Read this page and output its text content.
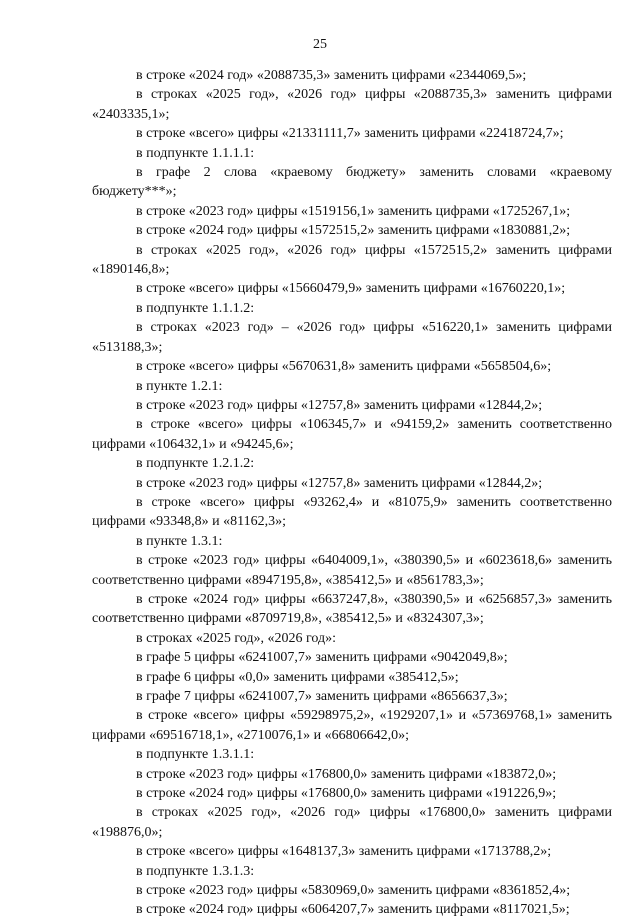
25

в строке «2024 год» «2088735,3» заменить цифрами «2344069,5»;

в строках «2025 год», «2026 год» цифры «2088735,3» заменить цифрами «2403335,1»;

в строке «всего» цифры «21331111,7» заменить цифрами «22418724,7»;

в подпункте 1.1.1.1:

в графе 2 слова «краевому бюджету» заменить словами «краевому бюджету***»;

в строке «2023 год» цифры «1519156,1» заменить цифрами «1725267,1»;

в строке «2024 год» цифры «1572515,2» заменить цифрами «1830881,2»;

в строках «2025 год», «2026 год» цифры «1572515,2» заменить цифрами «1890146,8»;

в строке «всего» цифры «15660479,9» заменить цифрами «16760220,1»;

в подпункте 1.1.1.2:

в строках «2023 год» – «2026 год» цифры «516220,1» заменить цифрами «513188,3»;

в строке «всего» цифры «5670631,8» заменить цифрами «5658504,6»;

в пункте 1.2.1:

в строке «2023 год» цифры «12757,8» заменить цифрами «12844,2»;

в строке «всего» цифры «106345,7» и «94159,2» заменить соответственно цифрами «106432,1» и «94245,6»;

в подпункте 1.2.1.2:

в строке «2023 год» цифры «12757,8» заменить цифрами «12844,2»;

в строке «всего» цифры «93262,4» и «81075,9» заменить соответственно цифрами «93348,8» и «81162,3»;

в пункте 1.3.1:

в строке «2023 год» цифры «6404009,1», «380390,5» и «6023618,6» заменить соответственно цифрами «8947195,8», «385412,5» и «8561783,3»;

в строке «2024 год» цифры «6637247,8», «380390,5» и «6256857,3» заменить соответственно цифрами «8709719,8», «385412,5» и «8324307,3»;

в строках «2025 год», «2026 год»:

в графе 5 цифры «6241007,7» заменить цифрами «9042049,8»;

в графе 6 цифры «0,0» заменить цифрами «385412,5»;

в графе 7 цифры «6241007,7» заменить цифрами «8656637,3»;

в строке «всего» цифры «59298975,2», «1929207,1» и «57369768,1» заменить цифрами «69516718,1», «2710076,1» и «66806642,0»;

в подпункте 1.3.1.1:

в строке «2023 год» цифры «176800,0» заменить цифрами «183872,0»;

в строке «2024 год» цифры «176800,0» заменить цифрами «191226,9»;

в строках «2025 год», «2026 год» цифры «176800,0» заменить цифрами «198876,0»;

в строке «всего» цифры «1648137,3» заменить цифрами «1713788,2»;

в подпункте 1.3.1.3:

в строке «2023 год» цифры «5830969,0» заменить цифрами «8361852,4»;

в строке «2024 год» цифры «6064207,7» заменить цифрами «8117021,5»;
